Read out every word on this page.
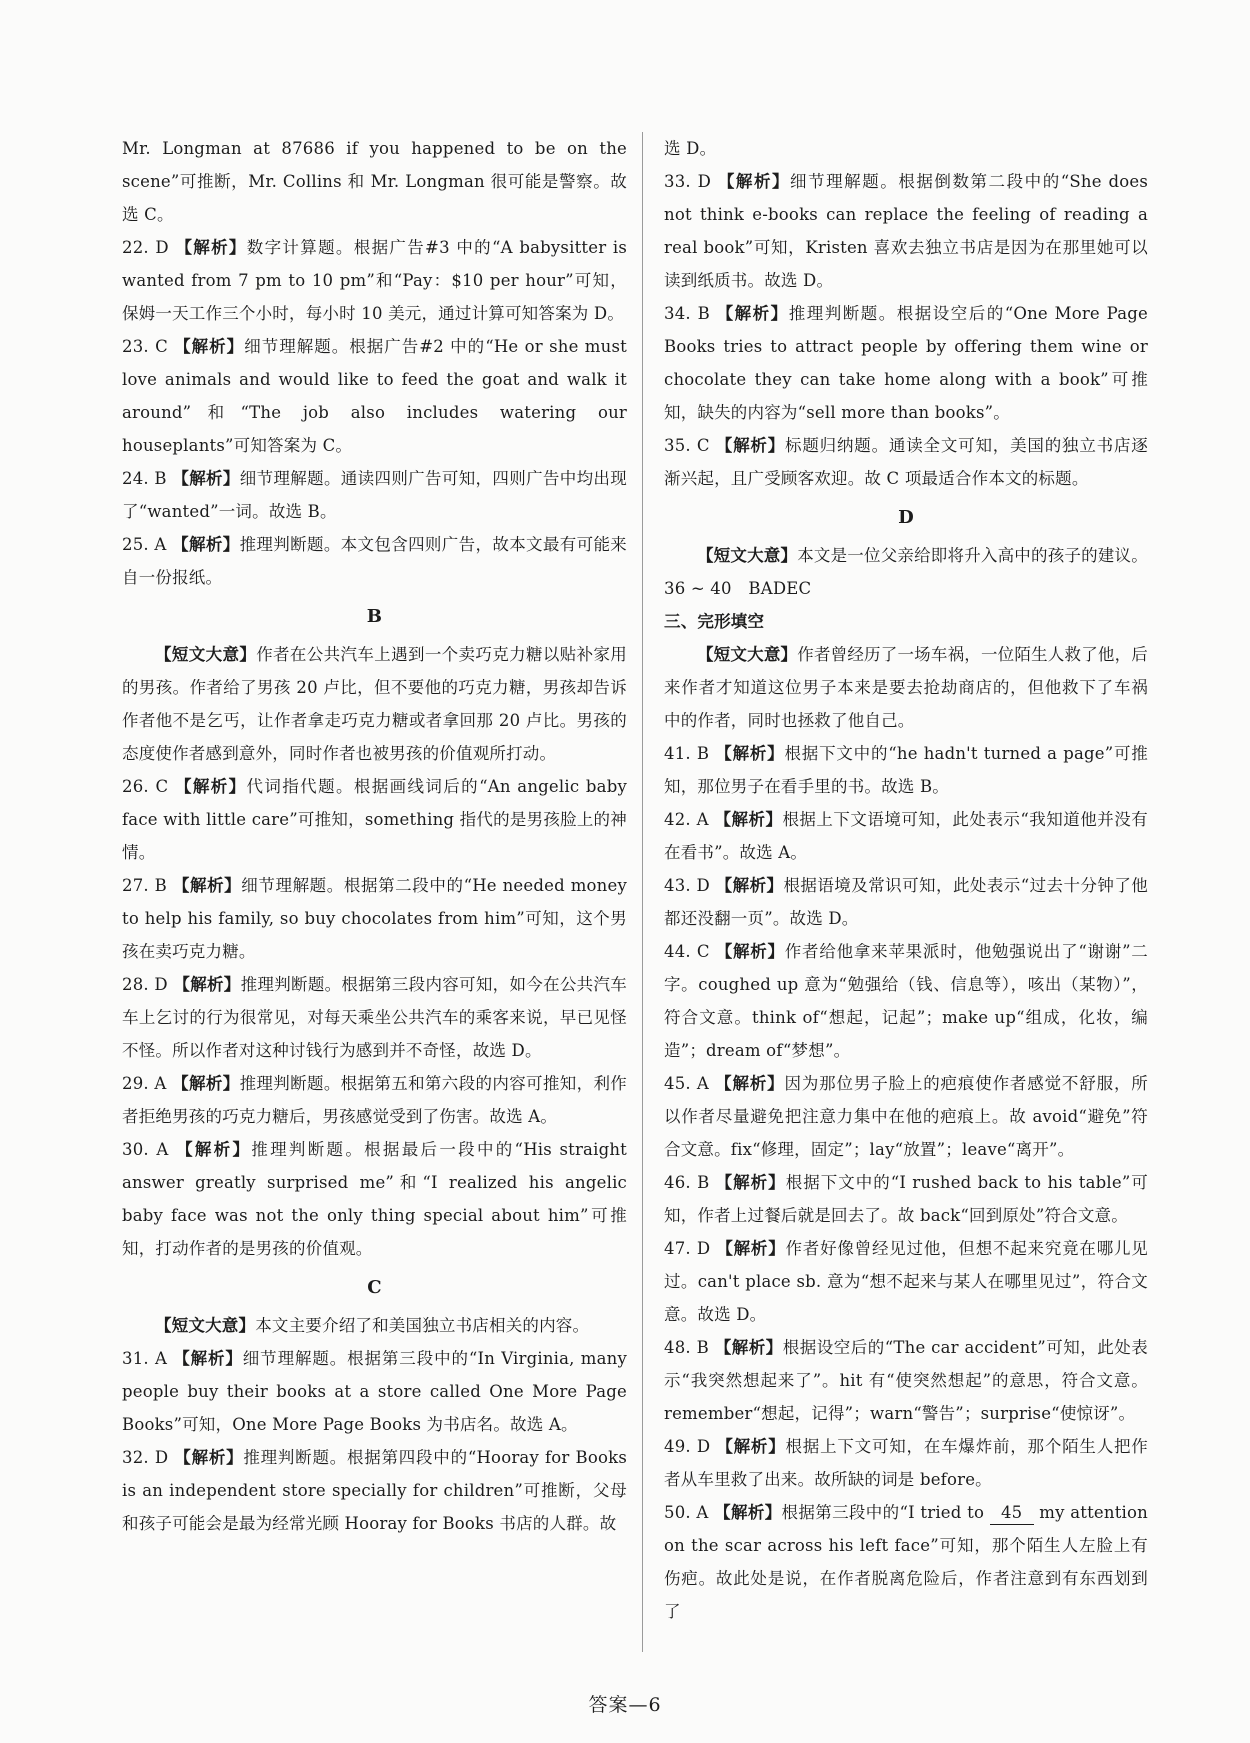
Mr. Longman at 87686 if you happened to be on the scene”可推断，Mr. Collins 和 Mr. Longman 很可能是警察。故选 C。

22. D 【解析】数字计算题。根据广告#3 中的“A babysitter is wanted from 7 pm to 10 pm”和“Pay：$10 per hour”可知，保姆一天工作三个小时，每小时 10 美元，通过计算可知答案为 D。

23. C 【解析】细节理解题。根据广告#2 中的“He or she must love animals and would like to feed the goat and walk it around”和“The job also includes watering our houseplants”可知答案为 C。

24. B 【解析】细节理解题。通读四则广告可知，四则广告中均出现了“wanted”一词。故选 B。

25. A 【解析】推理判断题。本文包含四则广告，故本文最有可能来自一份报纸。

B

【短文大意】作者在公共汽车上遇到一个卖巧克力糖以贴补家用的男孩。作者给了男孩 20 卢比，但不要他的巧克力糖，男孩却告诉作者他不是乞丐，让作者拿走巧克力糖或者拿回那 20 卢比。男孩的态度使作者感到意外，同时作者也被男孩的价值观所打动。

26. C 【解析】代词指代题。根据画线词后的“An angelic baby face with little care”可推知，something 指代的是男孩脸上的神情。

27. B 【解析】细节理解题。根据第二段中的“He needed money to help his family, so buy chocolates from him”可知，这个男孩在卖巧克力糖。

28. D 【解析】推理判断题。根据第三段内容可知，如今在公共汽车车上乞讨的行为很常见，对每天乘坐公共汽车的乘客来说，早已见怪不怪。所以作者对这种讨钱行为感到并不奇怪，故选 D。

29. A 【解析】推理判断题。根据第五和第六段的内容可推知，利作者拒绝男孩的巧克力糖后，男孩感觉受到了伤害。故选 A。

30. A 【解析】推理判断题。根据最后一段中的“His straight answer greatly surprised me”和“I realized his angelic baby face was not the only thing special about him”可推知，打动作者的是男孩的价值观。

C

【短文大意】本文主要介绍了和美国独立书店相关的内容。

31. A 【解析】细节理解题。根据第三段中的“In Virginia, many people buy their books at a store called One More Page Books”可知，One More Page Books 为书店名。故选 A。

32. D 【解析】推理判断题。根据第四段中的“Hooray for Books is an independent store specially for children”可推断，父母和孩子可能会是最为经常光顾 Hooray for Books 书店的人群。故

选 D。

33. D 【解析】细节理解题。根据倒数第二段中的“She does not think e-books can replace the feeling of reading a real book”可知，Kristen 喜欢去独立书店是因为在那里她可以读到纸质书。故选 D。

34. B 【解析】推理判断题。根据设空后的“One More Page Books tries to attract people by offering them wine or chocolate they can take home along with a book”可推知，缺失的内容为“sell more than books”。

35. C 【解析】标题归纳题。通读全文可知，美国的独立书店逐渐兴起，且广受顾客欢迎。故 C 项最适合作本文的标题。

D

【短文大意】本文是一位父亲给即将升入高中的孩子的建议。

36 ~ 40　BADEC

三、完形填空

【短文大意】作者曾经历了一场车祸，一位陌生人救了他，后来作者才知道这位男子本来是要去抢劫商店的，但他救下了车祸中的作者，同时也拯救了他自己。

41. B 【解析】根据下文中的“he hadn't turned a page”可推知，那位男子在看手里的书。故选 B。

42. A 【解析】根据上下文语境可知，此处表示“我知道他并没有在看书”。故选 A。

43. D 【解析】根据语境及常识可知，此处表示“过去十分钟了他都还没翻一页”。故选 D。

44. C 【解析】作者给他拿来苹果派时，他勉强说出了“谢谢”二字。coughed up 意为“勉强给（钱、信息等），咳出（某物）”，符合文意。think of“想起，记起”；make up“组成，化妆，编造”；dream of“梦想”。

45. A 【解析】因为那位男子脸上的疤痕使作者感觉不舒服，所以作者尽量避免把注意力集中在他的疤痕上。故 avoid“避免”符合文意。fix“修理，固定”；lay“放置”；leave“离开”。

46. B 【解析】根据下文中的“I rushed back to his table”可知，作者上过餐后就是回去了。故 back“回到原处”符合文意。

47. D 【解析】作者好像曾经见过他，但想不起来究竟在哪儿见过。can't place sb. 意为“想不起来与某人在哪里见过”，符合文意。故选 D。

48. B 【解析】根据设空后的“The car accident”可知，此处表示“我突然想起来了”。hit 有“使突然想起”的意思，符合文意。remember“想起，记得”；warn“警告”；surprise“使惊讶”。

49. D 【解析】根据上下文可知，在车爆炸前，那个陌生人把作者从车里救了出来。故所缺的词是 before。

50. A 【解析】根据第三段中的“I tried to 45 my attention on the scar across his left face”可知，那个陌生人左脸上有伤疤。故此处是说，在作者脱离危险后，作者注意到有东西划到了

答案—6
